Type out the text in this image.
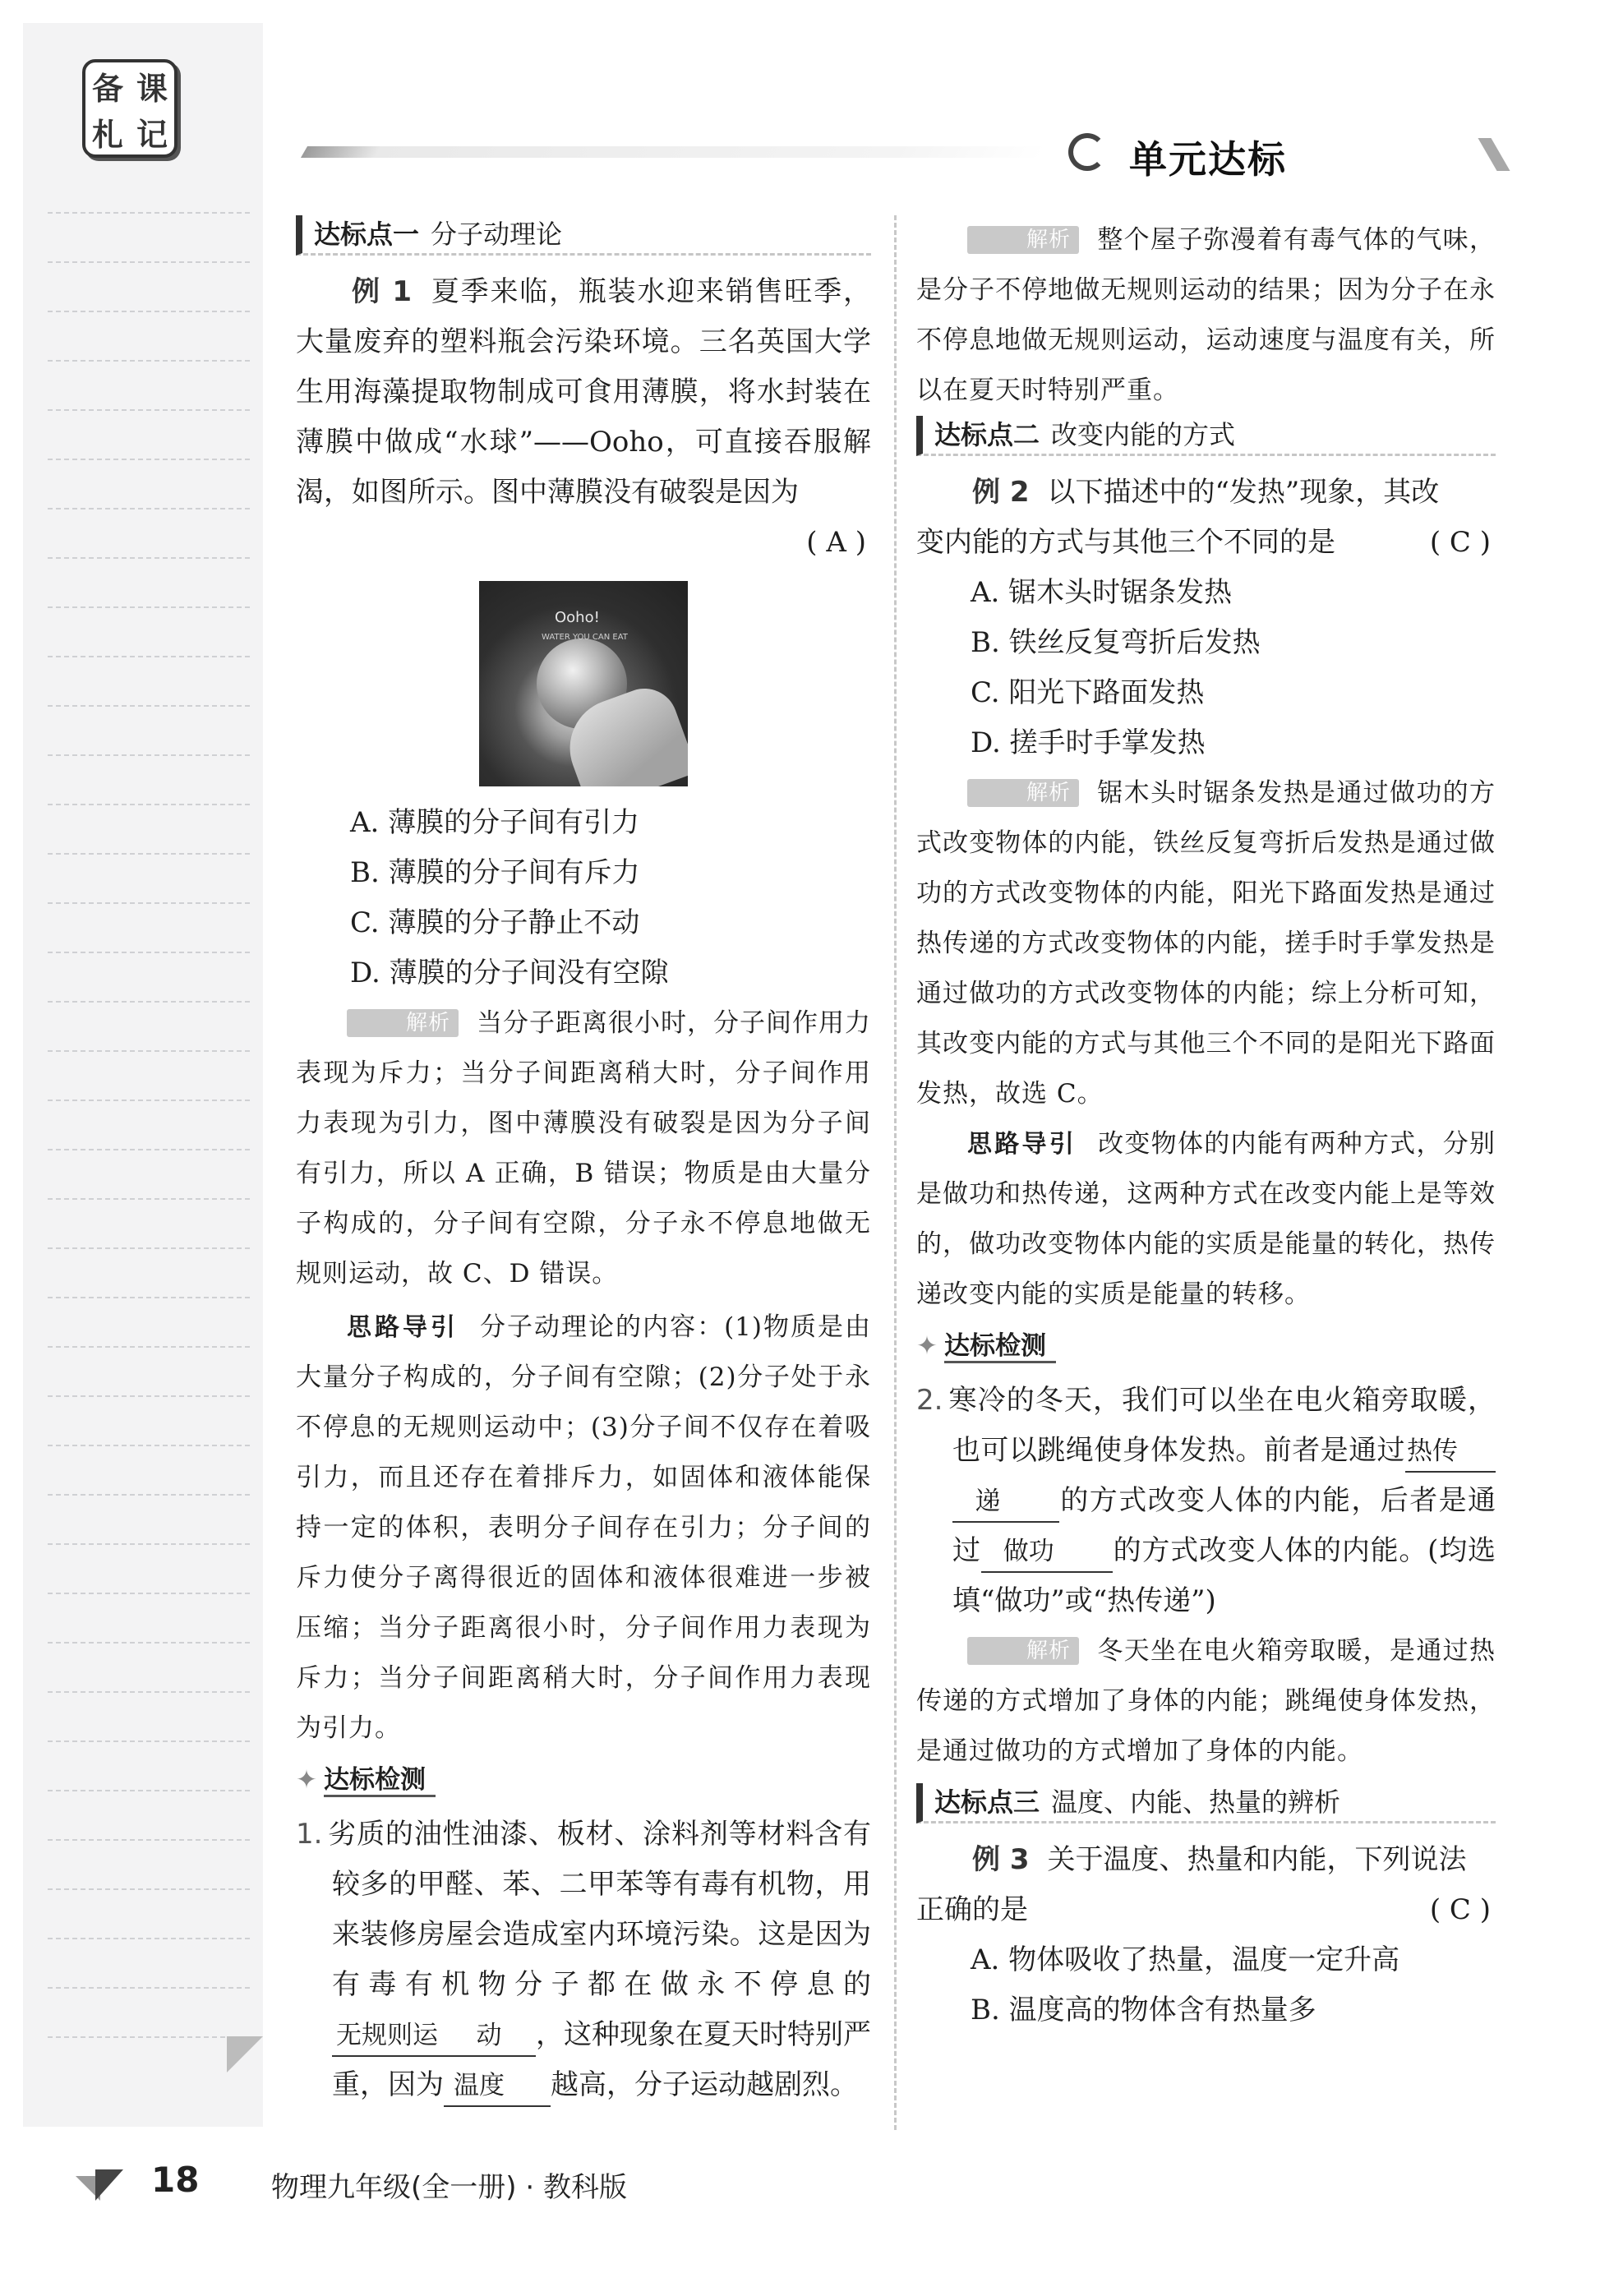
备 课
札 记
单元达标
达标点一 分子动理论

例 1 夏季来临，瓶装水迎来销售旺季，大量废弃的塑料瓶会污染环境。三名英国大学生用海藻提取物制成可食用薄膜，将水封装在薄膜中做成“水球”——Ooho，可直接吞服解渴，如图所示。图中薄膜没有破裂是因为

( A )
Ooho!
WATER YOU CAN EAT

A. 薄膜的分子间有引力

B. 薄膜的分子间有斥力

C. 薄膜的分子静止不动

D. 薄膜的分子间没有空隙

解析 当分子距离很小时，分子间作用力表现为斥力；当分子间距离稍大时，分子间作用力表现为引力，图中薄膜没有破裂是因为分子间有引力，所以 A 正确，B 错误；物质是由大量分子构成的，分子间有空隙，分子永不停息地做无规则运动，故 C、D 错误。

思路导引 分子动理论的内容：(1)物质是由大量分子构成的，分子间有空隙；(2)分子处于永不停息的无规则运动中；(3)分子间不仅存在着吸引力，而且还存在着排斥力，如固体和液体能保持一定的体积，表明分子间存在引力；分子间的斥力使分子离得很近的固体和液体很难进一步被压缩；当分子距离很小时，分子间作用力表现为斥力；当分子间距离稍大时，分子间作用力表现为引力。

✦ 达标检测

1. 劣质的油性油漆、板材、涂料剂等材料含有较多的甲醛、苯、二甲苯等有毒有机物，用来装修房屋会造成室内环境污染。这是因为有毒有机物分子都在做永不停息的无规则运 动 ，这种现象在夏天时特别严重，因为 温度 越高，分子运动越剧烈。

解析 整个屋子弥漫着有毒气体的气味，是分子不停地做无规则运动的结果；因为分子在永不停息地做无规则运动，运动速度与温度有关，所以在夏天时特别严重。

达标点二 改变内能的方式

例 2 以下描述中的“发热”现象，其改

变内能的方式与其他三个不同的是	( C )

A. 锯木头时锯条发热

B. 铁丝反复弯折后发热

C. 阳光下路面发热

D. 搓手时手掌发热

解析 锯木头时锯条发热是通过做功的方式改变物体的内能，铁丝反复弯折后发热是通过做功的方式改变物体的内能，阳光下路面发热是通过热传递的方式改变物体的内能，搓手时手掌发热是通过做功的方式改变物体的内能；综上分析可知，其改变内能的方式与其他三个不同的是阳光下路面发热，故选 C。

思路导引 改变物体的内能有两种方式，分别是做功和热传递，这两种方式在改变内能上是等效的，做功改变物体内能的实质是能量的转化，热传递改变内能的实质是能量的转移。

✦ 达标检测

2. 寒冷的冬天，我们可以坐在电火箱旁取暖，也可以跳绳使身体发热。前者是通过热传递 的方式改变人体的内能，后者是通过 做功 的方式改变人体的内能。(均选填“做功”或“热传递”)

解析 冬天坐在电火箱旁取暖，是通过热传递的方式增加了身体的内能；跳绳使身体发热，是通过做功的方式增加了身体的内能。

达标点三 温度、内能、热量的辨析

例 3 关于温度、热量和内能，下列说法

正确的是	( C )

A. 物体吸收了热量，温度一定升高

B. 温度高的物体含有热量多

18	物理九年级(全一册) · 教科版
